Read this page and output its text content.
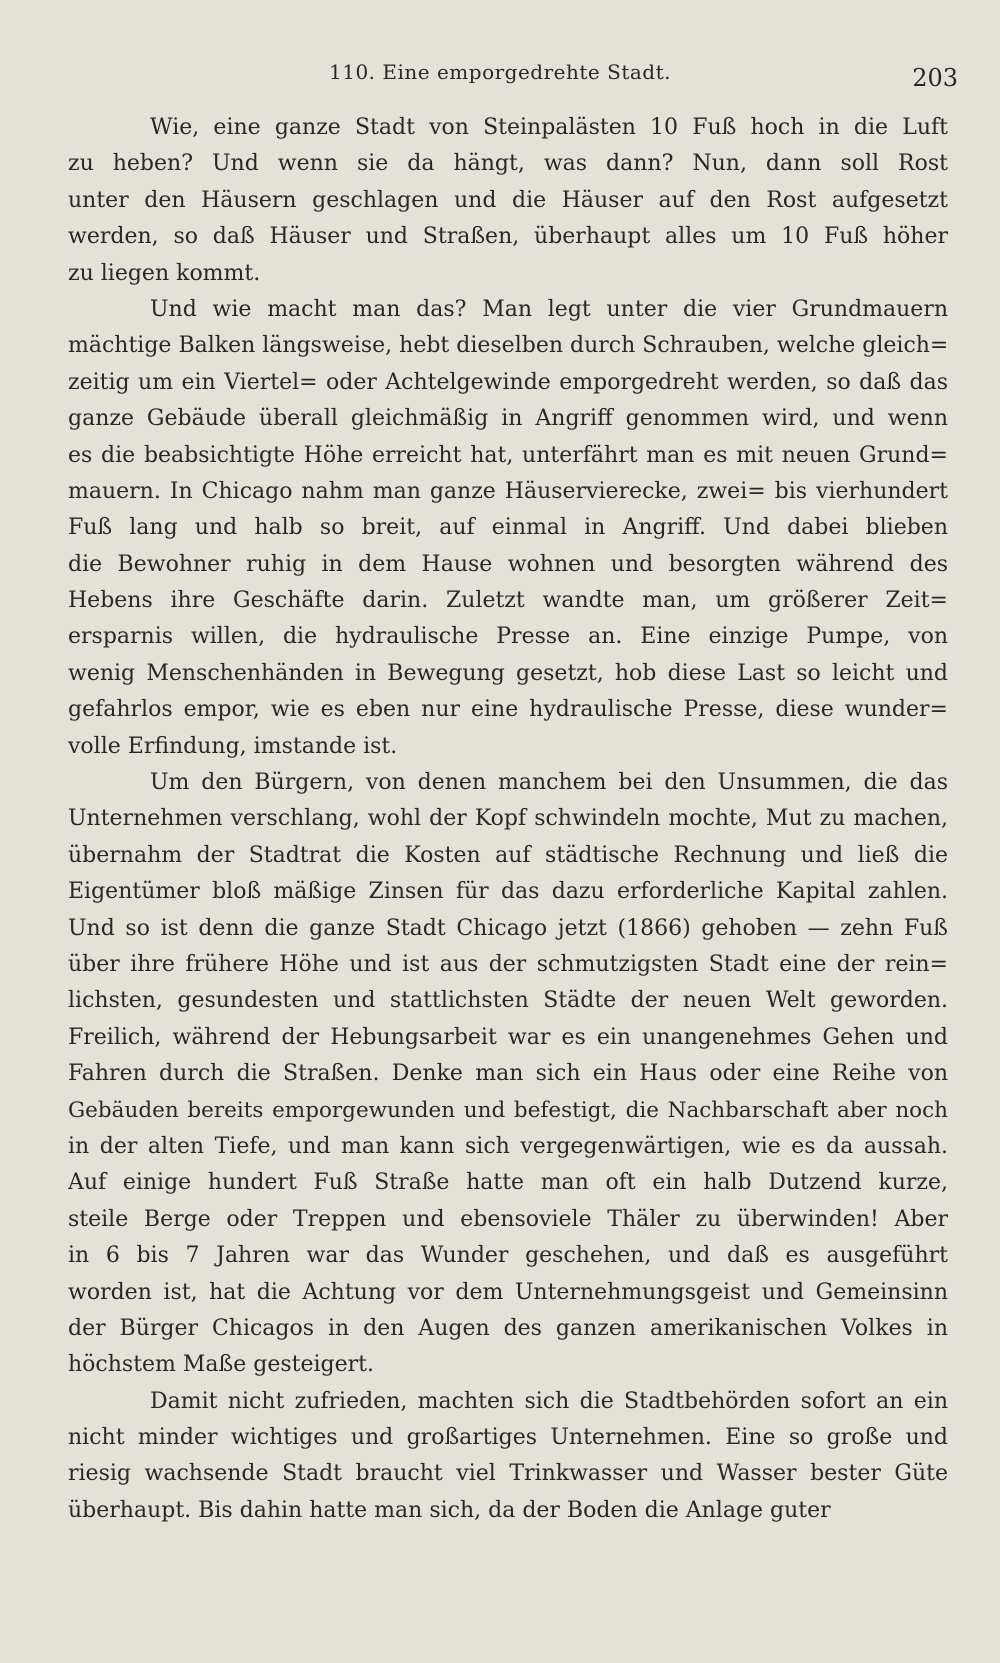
110. Eine emporgedrehte Stadt.	203
Wie, eine ganze Stadt von Steinpalästen 10 Fuß hoch in die Luft
zu heben? Und wenn sie da hängt, was dann? Nun, dann soll Rost
unter den Häusern geschlagen und die Häuser auf den Rost aufgesetzt
werden, so daß Häuser und Straßen, überhaupt alles um 10 Fuß höher
zu liegen kommt.
Und wie macht man das? Man legt unter die vier Grundmauern
mächtige Balken längsweise, hebt dieselben durch Schrauben, welche gleich=
zeitig um ein Viertel= oder Achtelgewinde emporgedreht werden, so daß das
ganze Gebäude überall gleichmäßig in Angriff genommen wird, und wenn
es die beabsichtigte Höhe erreicht hat, unterfährt man es mit neuen Grund=
mauern. In Chicago nahm man ganze Häuservierecke, zwei= bis vierhundert
Fuß lang und halb so breit, auf einmal in Angriff. Und dabei blieben
die Bewohner ruhig in dem Hause wohnen und besorgten während des
Hebens ihre Geschäfte darin. Zuletzt wandte man, um größerer Zeit=
ersparnis willen, die hydraulische Presse an. Eine einzige Pumpe, von
wenig Menschenhänden in Bewegung gesetzt, hob diese Last so leicht und
gefahrlos empor, wie es eben nur eine hydraulische Presse, diese wunder=
volle Erfindung, imstande ist.
Um den Bürgern, von denen manchem bei den Unsummen, die das
Unternehmen verschlang, wohl der Kopf schwindeln mochte, Mut zu machen,
übernahm der Stadtrat die Kosten auf städtische Rechnung und ließ die
Eigentümer bloß mäßige Zinsen für das dazu erforderliche Kapital zahlen.
Und so ist denn die ganze Stadt Chicago jetzt (1866) gehoben — zehn Fuß
über ihre frühere Höhe und ist aus der schmutzigsten Stadt eine der rein=
lichsten, gesundesten und stattlichsten Städte der neuen Welt geworden.
Freilich, während der Hebungsarbeit war es ein unangenehmes Gehen und
Fahren durch die Straßen. Denke man sich ein Haus oder eine Reihe von
Gebäuden bereits emporgewunden und befestigt, die Nachbarschaft aber noch
in der alten Tiefe, und man kann sich vergegenwärtigen, wie es da aussah.
Auf einige hundert Fuß Straße hatte man oft ein halb Dutzend kurze,
steile Berge oder Treppen und ebensoviele Thäler zu überwinden! Aber
in 6 bis 7 Jahren war das Wunder geschehen, und daß es ausgeführt
worden ist, hat die Achtung vor dem Unternehmungsgeist und Gemeinsinn
der Bürger Chicagos in den Augen des ganzen amerikanischen Volkes in
höchstem Maße gesteigert.
Damit nicht zufrieden, machten sich die Stadtbehörden sofort an ein
nicht minder wichtiges und großartiges Unternehmen. Eine so große und
riesig wachsende Stadt braucht viel Trinkwasser und Wasser bester Güte
überhaupt. Bis dahin hatte man sich, da der Boden die Anlage guter
